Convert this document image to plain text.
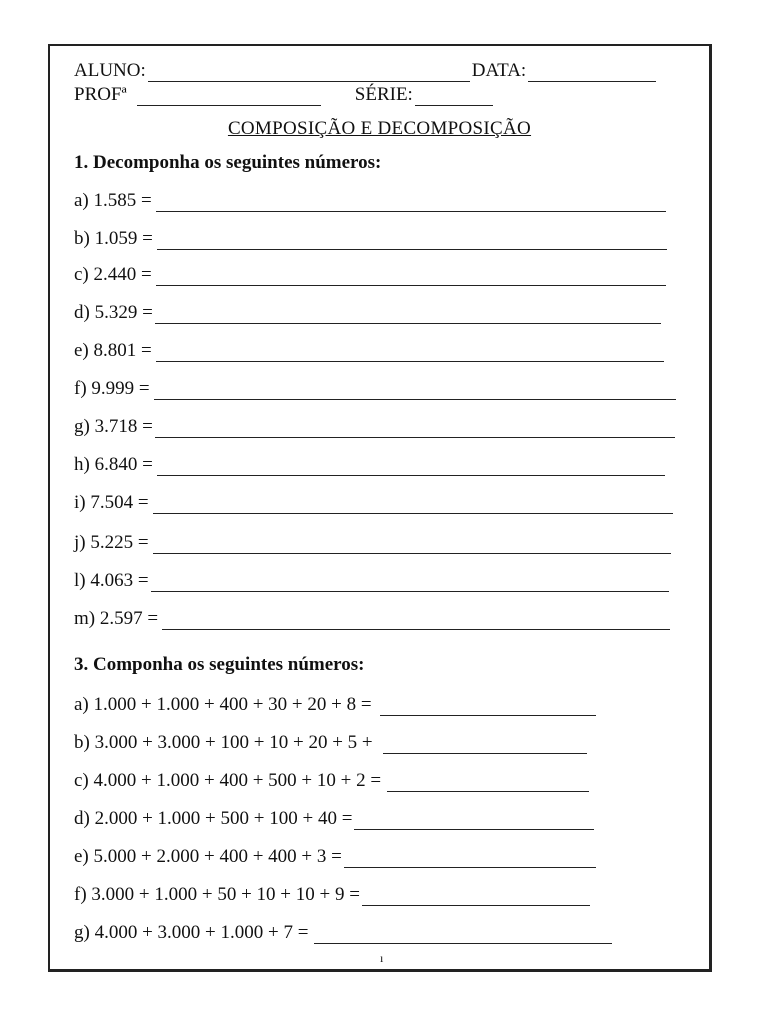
ALUNO:	DATA:
PROFª	SÉRIE:
COMPOSIÇÃO E DECOMPOSIÇÃO
1. Decomponha os seguintes números:
a) 1.585 =
b) 1.059 =
c) 2.440 =
d) 5.329 =
e) 8.801 =
f) 9.999 =
g) 3.718 =
h) 6.840 =
i) 7.504 =
j) 5.225 =
l) 4.063 =
m) 2.597 =
3. Componha os seguintes números:
a) 1.000 + 1.000 + 400 + 30 + 20 + 8 =
b) 3.000 + 3.000 + 100 + 10 + 20 + 5 +
c) 4.000 + 1.000 + 400 + 500 + 10 + 2 =
d) 2.000 + 1.000 + 500 + 100 + 40 =
e) 5.000 + 2.000 + 400 + 400 + 3 =
f) 3.000 + 1.000 + 50 + 10 + 10 + 9 =
g) 4.000 + 3.000 + 1.000 + 7 =
ı
